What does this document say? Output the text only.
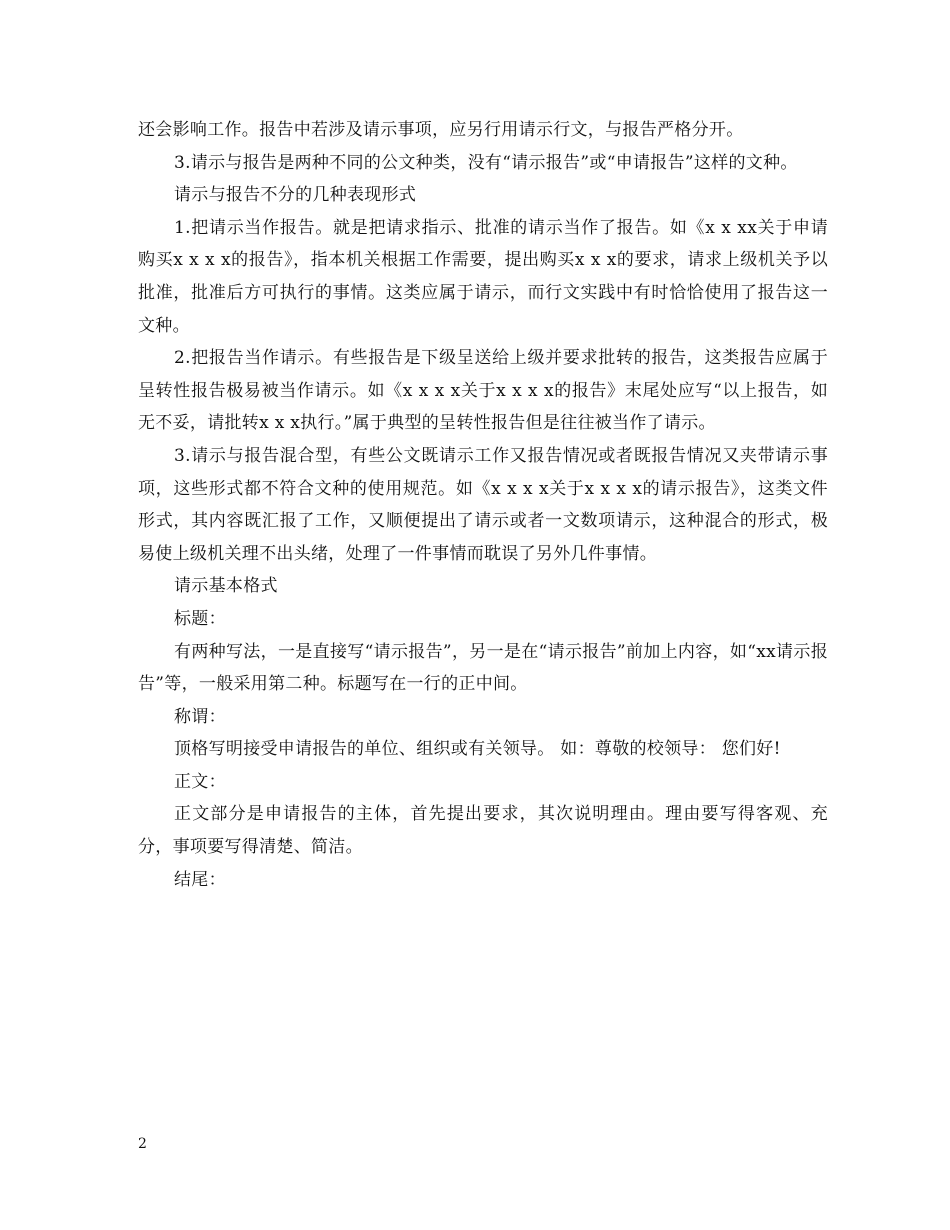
还会影响工作。报告中若涉及请示事项，应另行用请示行文，与报告严格分开。

3.请示与报告是两种不同的公文种类，没有“请示报告”或“申请报告”这样的文种。

请示与报告不分的几种表现形式

1.把请示当作报告。就是把请求指示、批准的请示当作了报告。如《x x xx关于申请购买x x x x的报告》，指本机关根据工作需要，提出购买x x x的要求，请求上级机关予以批准，批准后方可执行的事情。这类应属于请示，而行文实践中有时恰恰使用了报告这一文种。

2.把报告当作请示。有些报告是下级呈送给上级并要求批转的报告，这类报告应属于呈转性报告极易被当作请示。如《x x x x关于x x x x的报告》末尾处应写“以上报告，如无不妥，请批转x x x执行。”属于典型的呈转性报告但是往往被当作了请示。

3.请示与报告混合型，有些公文既请示工作又报告情况或者既报告情况又夹带请示事项，这些形式都不符合文种的使用规范。如《x x x x关于x x x x的请示报告》，这类文件形式，其内容既汇报了工作，又顺便提出了请示或者一文数项请示，这种混合的形式，极易使上级机关理不出头绪，处理了一件事情而耽误了另外几件事情。

请示基本格式

标题：

有两种写法，一是直接写“请示报告”，另一是在“请示报告”前加上内容，如“xx请示报告”等，一般采用第二种。标题写在一行的正中间。

称谓：

顶格写明接受申请报告的单位、组织或有关领导。 如：尊敬的校领导： 您们好!

正文：

正文部分是申请报告的主体，首先提出要求，其次说明理由。理由要写得客观、充分，事项要写得清楚、简洁。

结尾：

2
